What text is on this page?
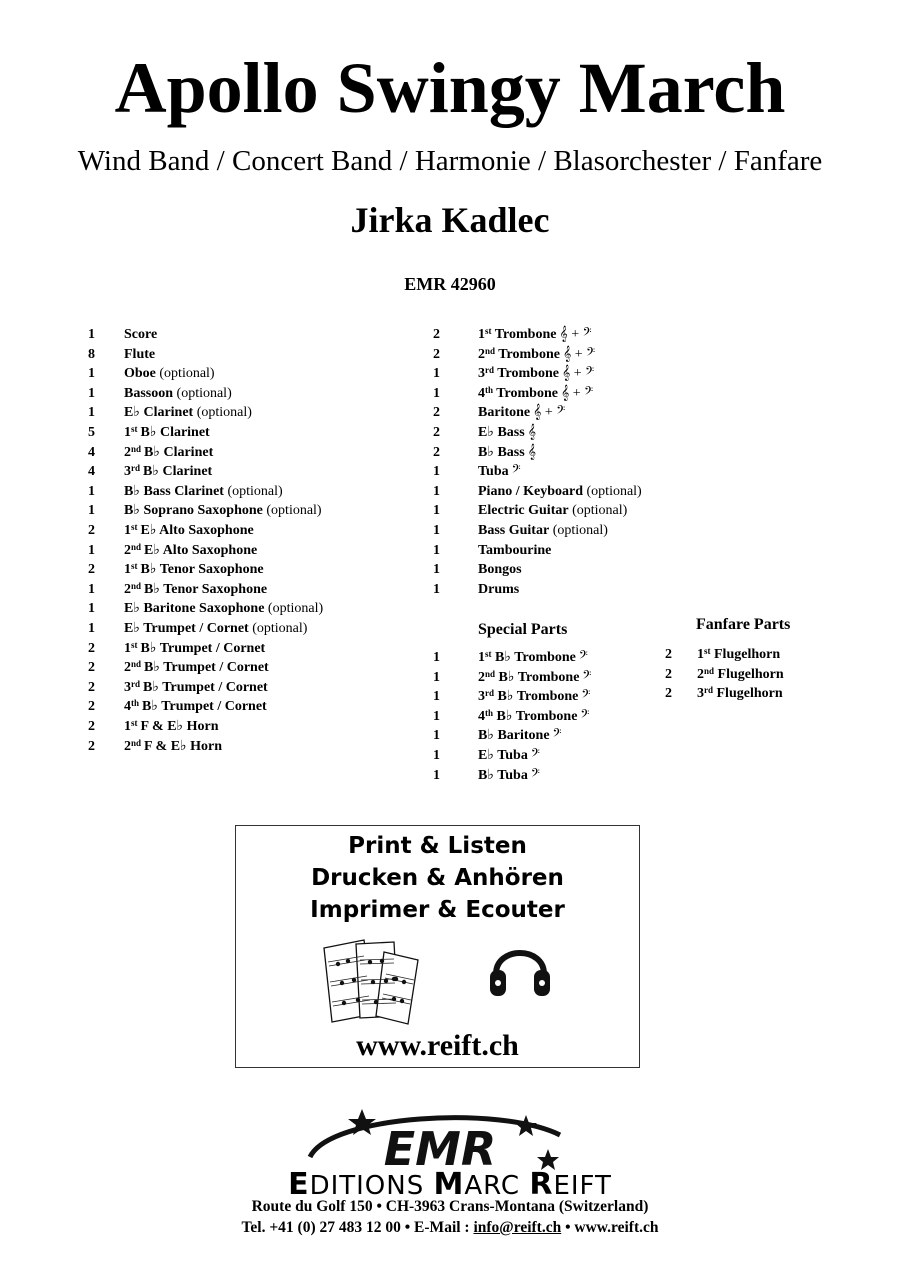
Apollo Swingy March
Wind Band / Concert Band / Harmonie / Blasorchester / Fanfare
Jirka Kadlec
EMR 42960
1	Score
8	Flute
1	Oboe (optional)
1	Bassoon (optional)
1	E♭ Clarinet (optional)
5	1st B♭ Clarinet
4	2nd B♭ Clarinet
4	3rd B♭ Clarinet
1	B♭ Bass Clarinet (optional)
1	B♭ Soprano Saxophone (optional)
2	1st E♭ Alto Saxophone
1	2nd E♭ Alto Saxophone
2	1st B♭ Tenor Saxophone
1	2nd B♭ Tenor Saxophone
1	E♭ Baritone Saxophone (optional)
1	E♭ Trumpet / Cornet (optional)
2	1st B♭ Trumpet / Cornet
2	2nd B♭ Trumpet / Cornet
2	3rd B♭ Trumpet / Cornet
2	4th B♭ Trumpet / Cornet
2	1st F & E♭ Horn
2	2nd F & E♭ Horn
2	1st Trombone 𝄞 + 𝄢
2	2nd Trombone 𝄞 + 𝄢
1	3rd Trombone 𝄞 + 𝄢
1	4th Trombone 𝄞 + 𝄢
2	Baritone 𝄞 + 𝄢
2	E♭ Bass 𝄞
2	B♭ Bass 𝄞
1	Tuba 𝄢
1	Piano / Keyboard (optional)
1	Electric Guitar (optional)
1	Bass Guitar (optional)
1	Tambourine
1	Bongos
1	Drums
Special Parts
1	1st B♭ Trombone 𝄢
1	2nd B♭ Trombone 𝄢
1	3rd B♭ Trombone 𝄢
1	4th B♭ Trombone 𝄢
1	B♭ Baritone 𝄢
1	E♭ Tuba 𝄢
1	B♭ Tuba 𝄢
Fanfare Parts
2	1st Flugelhorn
2	2nd Flugelhorn
2	3rd Flugelhorn
Print & Listen
Drucken & Anhören
Imprimer & Ecouter
www.reift.ch
EMR
EDITIONS MARC REIFT
Route du Golf 150 • CH-3963 Crans-Montana (Switzerland)
Tel. +41 (0) 27 483 12 00 • E-Mail : info@reift.ch • www.reift.ch
